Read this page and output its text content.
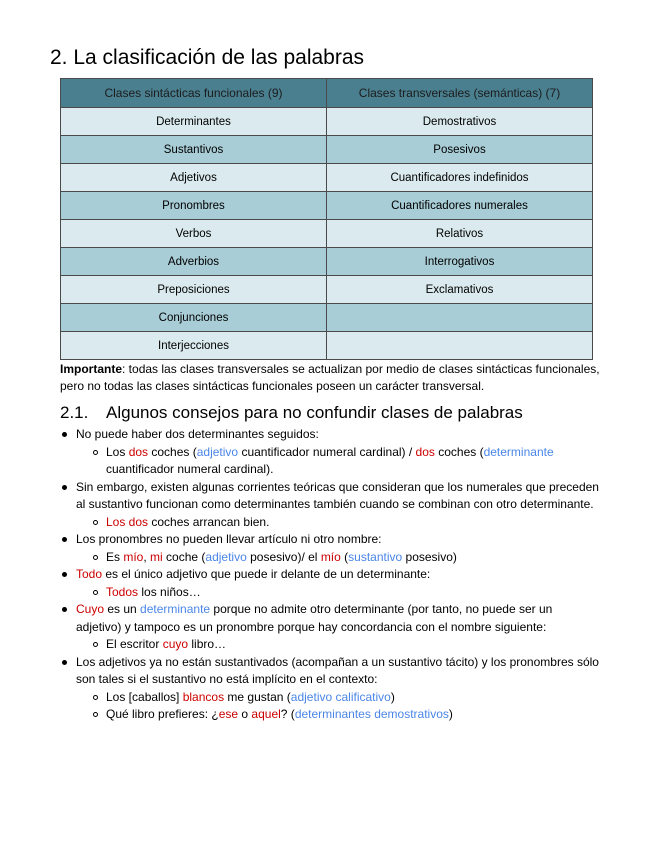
2. La clasificación de las palabras
Clases sintácticas funcionales (9)	Clases transversales (semánticas) (7)
Determinantes	Demostrativos
Sustantivos	Posesivos
Adjetivos	Cuantificadores indefinidos
Pronombres	Cuantificadores numerales
Verbos	Relativos
Adverbios	Interrogativos
Preposiciones	Exclamativos
Conjunciones	
Interjecciones	

Importante: todas las clases transversales se actualizan por medio de clases sintácticas funcionales, pero no todas las clases sintácticas funcionales poseen un carácter transversal.

2.1. Algunos consejos para no confundir clases de palabras
No puede haber dos determinantes seguidos:
Los dos coches (adjetivo cuantificador numeral cardinal) / dos coches (determinante cuantificador numeral cardinal).
Sin embargo, existen algunas corrientes teóricas que consideran que los numerales que preceden al sustantivo funcionan como determinantes también cuando se combinan con otro determinante.
Los dos coches arrancan bien.
Los pronombres no pueden llevar artículo ni otro nombre:
Es mío, mi coche (adjetivo posesivo)/ el mío (sustantivo posesivo)
Todo es el único adjetivo que puede ir delante de un determinante:
Todos los niños…
Cuyo es un determinante porque no admite otro determinante (por tanto, no puede ser un adjetivo) y tampoco es un pronombre porque hay concordancia con el nombre siguiente:
El escritor cuyo libro…
Los adjetivos ya no están sustantivados (acompañan a un sustantivo tácito) y los pronombres sólo son tales si el sustantivo no está implícito en el contexto:
Los [caballos] blancos me gustan (adjetivo calificativo)
Qué libro prefieres: ¿ese o aquel? (determinantes demostrativos)
